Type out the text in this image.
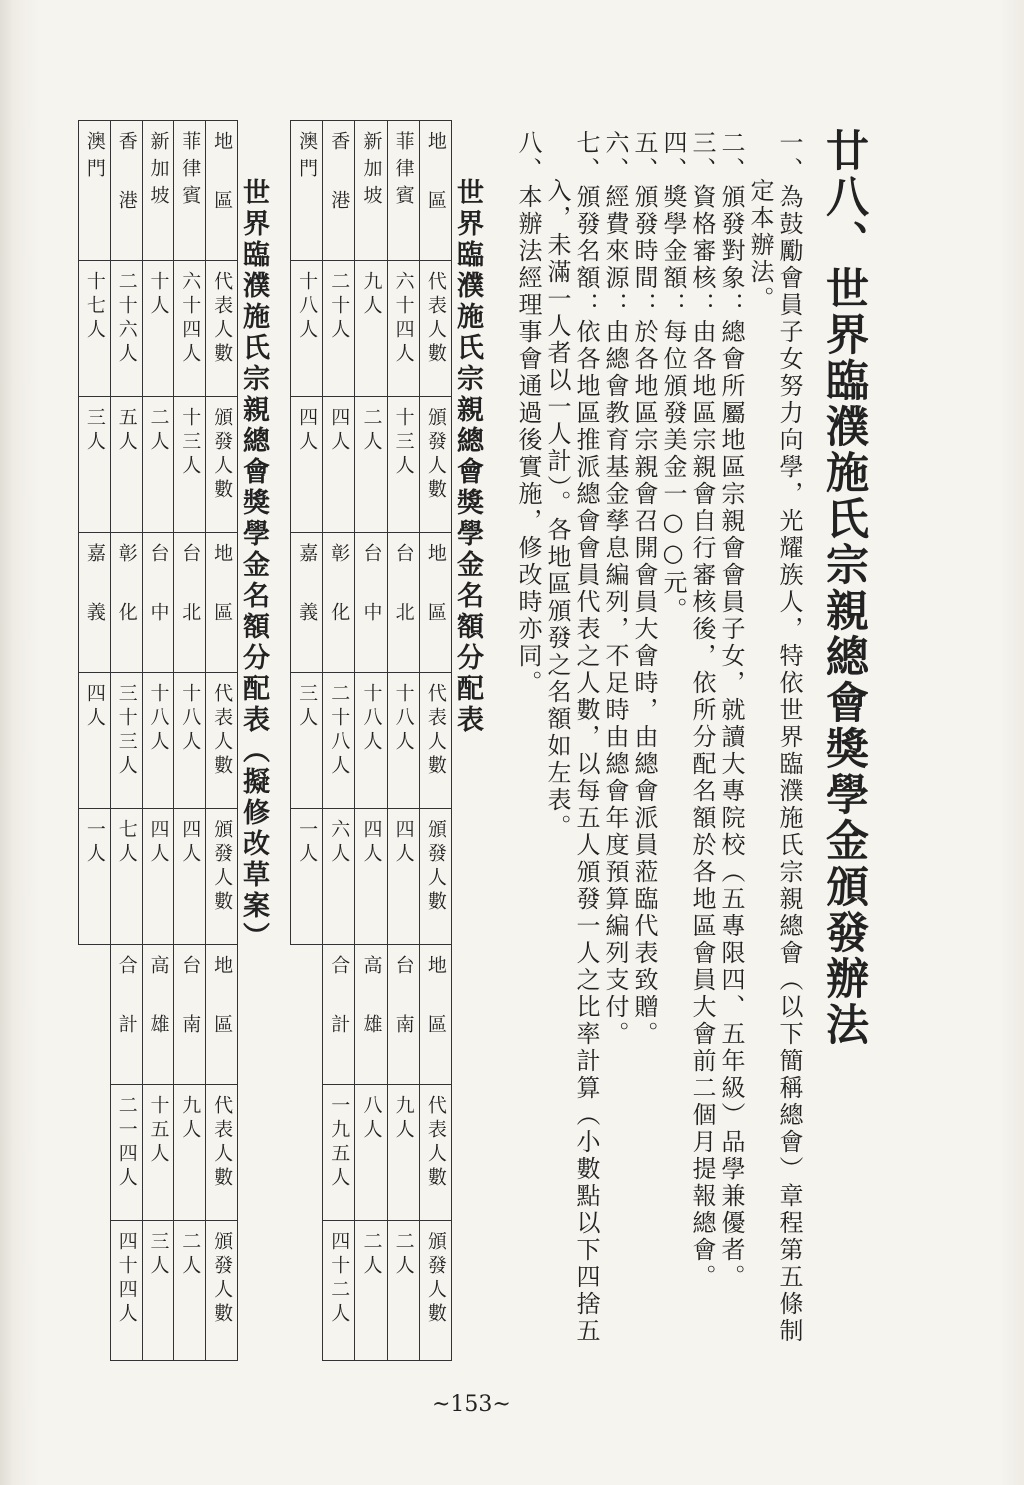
廿八、世界臨濮施氏宗親總會獎學金頒發辦法
一、為鼓勵會員子女努力向學，光耀族人，特依世界臨濮施氏宗親總會（以下簡稱總會）章程第五條制
定本辦法。
二、頒發對象：總會所屬地區宗親會會員子女，就讀大專院校（五專限四、五年級）品學兼優者。
三、資格審核：由各地區宗親會自行審核後，依所分配名額於各地區會員大會前二個月提報總會。
四、獎學金額：每位頒發美金一○○元。
五、頒發時間：於各地區宗親會召開會員大會時，由總會派員蒞臨代表致贈。
六、經費來源：由總會教育基金孳息編列，不足時由總會年度預算編列支付。
七、頒發名額：依各地區推派總會會員代表之人數，以每五人頒發一人之比率計算（小數點以下四捨五
入，未滿一人者以一人計）。各地區頒發之名額如左表。
八、本辦法經理事會通過後實施，修改時亦同。
世界臨濮施氏宗親總會獎學金名額分配表
澳門	香港	新加坡	菲律賓	地區

十八人	二十人	九人	六十四人	代表人數

四人	四人	二人	十三人	頒發人數

嘉義	彰化	台中	台北	地區

三人	二十八人	十八人	十八人	代表人數

一人	六人	四人	四人	頒發人數

	合計	高雄	台南	地區

	一九五人	八人	九人	代表人數

	四十二人	二人	二人	頒發人數
世界臨濮施氏宗親總會獎學金名額分配表（擬修改草案）
澳門	香港	新加坡	菲律賓	地區

十七人	二十六人	十人	六十四人	代表人數

三人	五人	二人	十三人	頒發人數

嘉義	彰化	台中	台北	地區

四人	三十三人	十八人	十八人	代表人數

一人	七人	四人	四人	頒發人數

	合計	高雄	台南	地區

	二一四人	十五人	九人	代表人數

	四十四人	三人	二人	頒發人數
~153~
